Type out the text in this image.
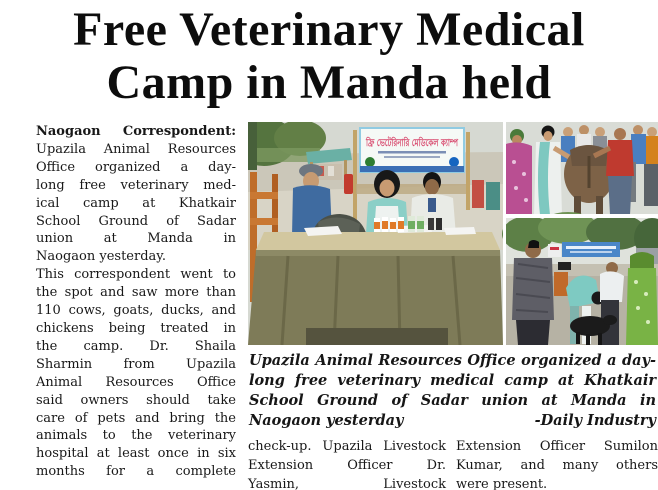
Free Veterinary Medical
Camp in Manda held
Naogaon Correspondent:
Upazila Animal Resources
Office organized a day-
long free veterinary med-
ical camp at Khatkair
School Ground of Sadar
union at Manda in
Naogaon yesterday.
This correspondent went to
the spot and saw more than
110 cows, goats, ducks, and
chickens being treated in
the camp. Dr. Shaila
Sharmin from Upazila
Animal Resources Office
said owners should take
care of pets and bring the
animals to the veterinary
hospital at least once in six
months for a complete
ফ্রি ভেটেরিনারি মেডিকেল ক্যাম্প
Upazila Animal Resources Office organized a day-
long free veterinary medical camp at Khatkair
School Ground of Sadar union at Manda in
Naogaon yesterday	-Daily Industry
check-up. Upazila Livestock
Extension Officer Dr.
Yasmin, Livestock
Extension Officer Sumilon
Kumar, and many others
were present.
